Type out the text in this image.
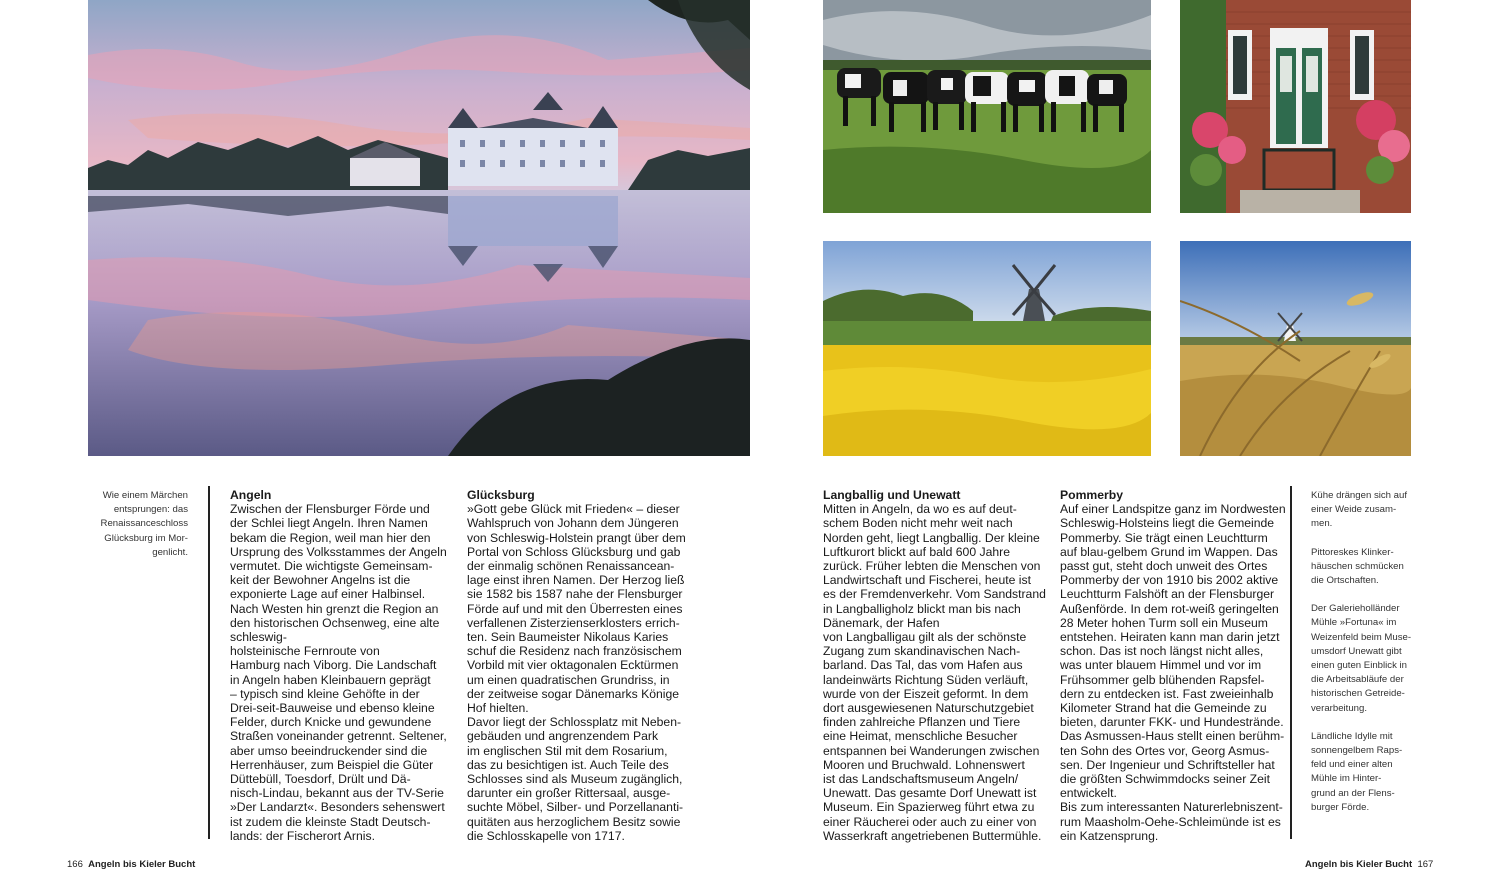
Wie einem Märchen
entsprungen: das
Renaissanceschloss
Glücksburg im Mor-
genlicht.

Angeln
Zwischen der Flensburger Förde und
der Schlei liegt Angeln. Ihren Namen
bekam die Region, weil man hier den
Ursprung des Volksstammes der Angeln
vermutet. Die wichtigste Gemeinsam-
keit der Bewohner Angelns ist die
exponierte Lage auf einer Halbinsel.
Nach Westen hin grenzt die Region an
den historischen Ochsenweg, eine alte
schleswig-
holsteinische Fernroute von
Hamburg nach Viborg. Die Landschaft
in Angeln haben Kleinbauern geprägt
– typisch sind kleine Gehöfte in der
Drei-seit-Bauweise und ebenso kleine
Felder, durch Knicke und gewundene
Straßen voneinander getrennt. Seltener,
aber umso beeindruckender sind die
Herrenhäuser, zum Beispiel die Güter
Düttebüll, Toesdorf, Drült und Dä-
nisch-Lindau, bekannt aus der TV-Serie
»Der Landarzt«. Besonders sehenswert
ist zudem die kleinste Stadt Deutsch-
lands: der Fischerort Arnis.
Glücksburg
»Gott gebe Glück mit Frieden« – dieser
Wahlspruch von Johann dem Jüngeren
von Schleswig-Holstein prangt über dem
Portal von Schloss Glücksburg und gab
der einmalig schönen Renaissancean-
lage einst ihren Namen. Der Herzog ließ
sie 1582 bis 1587 nahe der Flensburger
Förde auf und mit den Überresten eines
verfallenen Zisterzienserklosters errich-
ten. Sein Baumeister Nikolaus Karies
schuf die Residenz nach französischem
Vorbild mit vier oktagonalen Ecktürmen
um einen quadratischen Grundriss, in
der zeitweise sogar Dänemarks Könige
Hof hielten.
Davor liegt der Schlossplatz mit Neben-
gebäuden und angrenzendem Park
im englischen Stil mit dem Rosarium,
das zu besichtigen ist. Auch Teile des
Schlosses sind als Museum zugänglich,
darunter ein großer Rittersaal, ausge-
suchte Möbel, Silber- und Porzellananti-
quitäten aus herzoglichem Besitz sowie
die Schlosskapelle von 1717.
Langballig und Unewatt
Mitten in Angeln, da wo es auf deut-
schem Boden nicht mehr weit nach
Norden geht, liegt Langballig. Der kleine
Luftkurort blickt auf bald 600 Jahre
zurück. Früher lebten die Menschen von
Landwirtschaft und Fischerei, heute ist
es der Fremdenverkehr. Vom Sandstrand
in Langballigholz blickt man bis nach
Dänemark, der Hafen
von Langballigau gilt als der schönste
Zugang zum skandinavischen Nach-
barland. Das Tal, das vom Hafen aus
landeinwärts Richtung Süden verläuft,
wurde von der Eiszeit geformt. In dem
dort ausgewiesenen Naturschutzgebiet
finden zahlreiche Pflanzen und Tiere
eine Heimat, menschliche Besucher
entspannen bei Wanderungen zwischen
Mooren und Bruchwald. Lohnenswert
ist das Landschaftsmuseum Angeln/
Unewatt. Das gesamte Dorf Unewatt ist
Museum. Ein Spazierweg führt etwa zu
einer Räucherei oder auch zu einer von
Wasserkraft angetriebenen Buttermühle.
Pommerby
Auf einer Landspitze ganz im Nordwesten
Schleswig-Holsteins liegt die Gemeinde
Pommerby. Sie trägt einen Leuchtturm
auf blau-gelbem Grund im Wappen. Das
passt gut, steht doch unweit des Ortes
Pommerby der von 1910 bis 2002 aktive
Leuchtturm Falshöft an der Flensburger
Außenförde. In dem rot-weiß geringelten
28 Meter hohen Turm soll ein Museum
entstehen. Heiraten kann man darin jetzt
schon. Das ist noch längst nicht alles,
was unter blauem Himmel und vor im
Frühsommer gelb blühenden Rapsfel-
dern zu entdecken ist. Fast zweieinhalb
Kilometer Strand hat die Gemeinde zu
bieten, darunter FKK- und Hundestrände.
Das Asmussen-Haus stellt einen berühm-
ten Sohn des Ortes vor, Georg Asmus-
sen. Der Ingenieur und Schriftsteller hat
die größten Schwimmdocks seiner Zeit
entwickelt.
Bis zum interessanten Naturerlebniszent-
rum Maasholm-Oehe-Schleimünde ist es
ein Katzensprung.

Kühe drängen sich auf
einer Weide zusam-
men.

Pittoreskes Klinker-
häuschen schmücken
die Ortschaften.

Der Galerieholländer
Mühle »Fortuna« im
Weizenfeld beim Muse-
umsdorf Unewatt gibt
einen guten Einblick in
die Arbeitsabläufe der
historischen Getreide-
verarbeitung.

Ländliche Idylle mit
sonnengelbem Raps-
feld und einer alten
Mühle im Hinter-
grund an der Flens-
burger Förde.

166 Angeln bis Kieler Bucht	Angeln bis Kieler Bucht 167
